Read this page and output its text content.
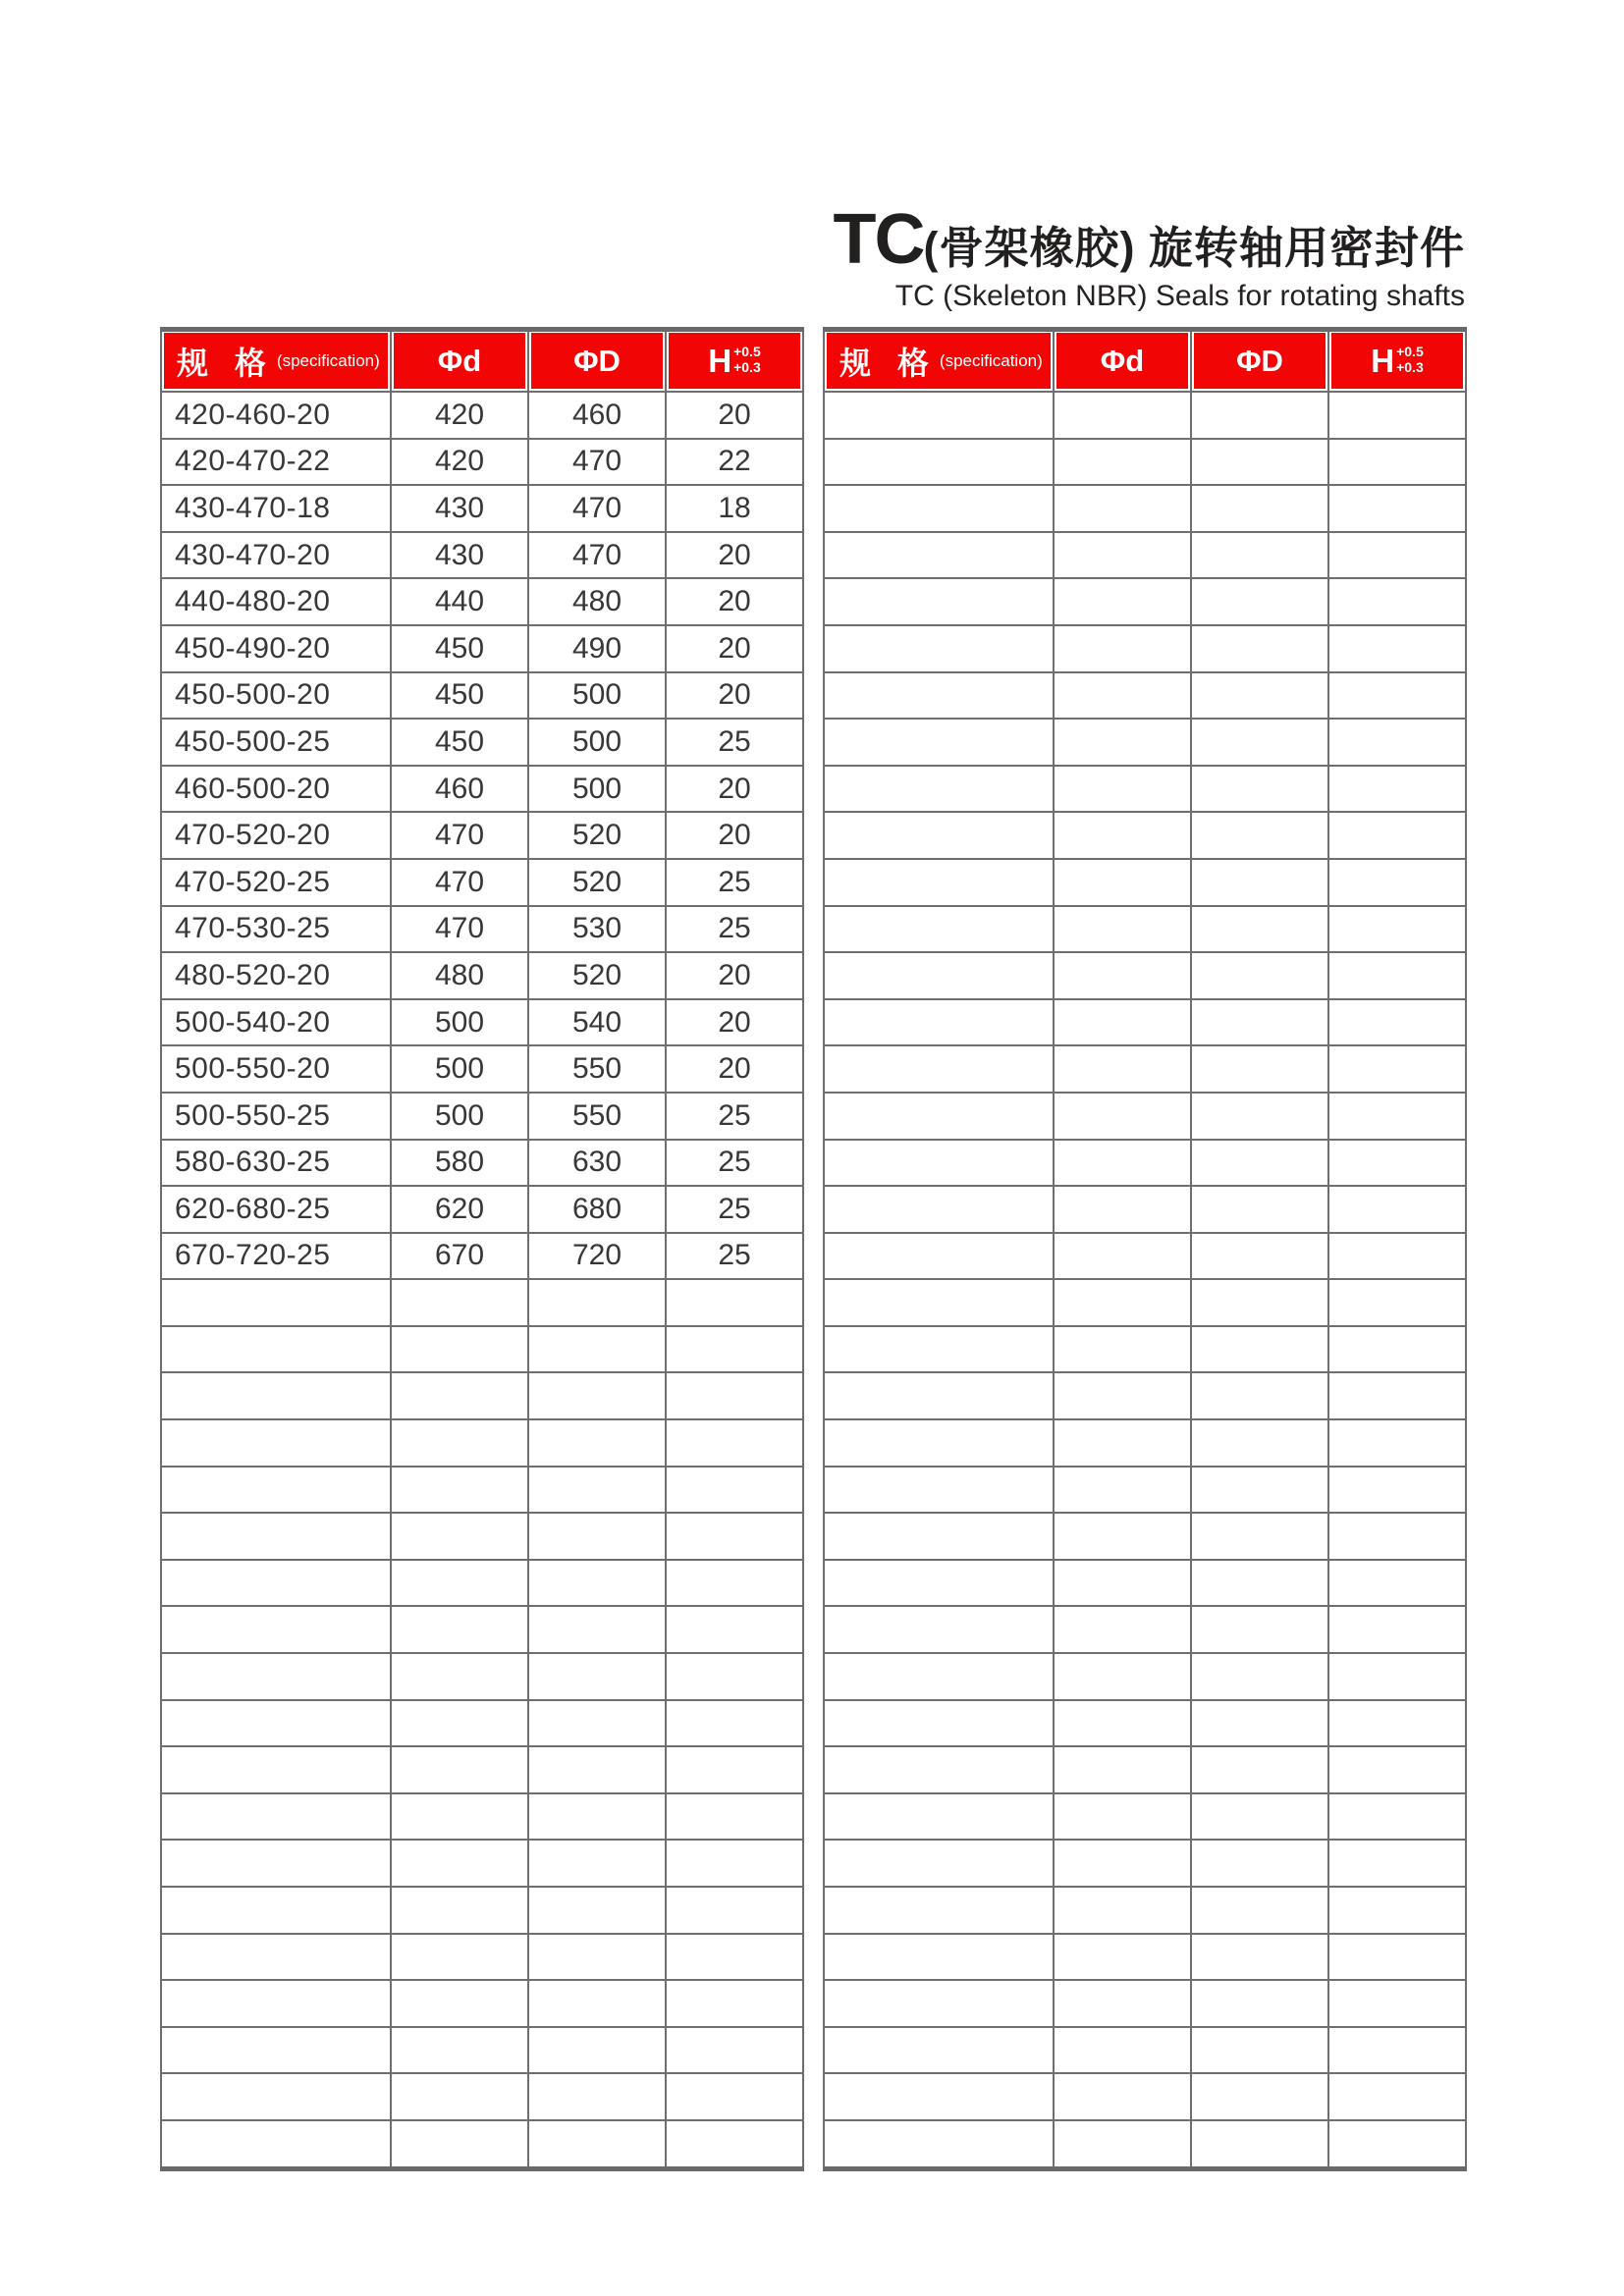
TC(骨架橡胶) 旋转轴用密封件
TC (Skeleton NBR) Seals for rotating shafts
规 格 (specification)	Φd	ΦD	H +0.5
+0.3

420-460-20	420	460	20
420-470-22	420	470	22
430-470-18	430	470	18
430-470-20	430	470	20
440-480-20	440	480	20
450-490-20	450	490	20
450-500-20	450	500	20
450-500-25	450	500	25
460-500-20	460	500	20
470-520-20	470	520	20
470-520-25	470	520	25
470-530-25	470	530	25
480-520-20	480	520	20
500-540-20	500	540	20
500-550-20	500	550	20
500-550-25	500	550	25
580-630-25	580	630	25
620-680-25	620	680	25
670-720-25	670	720	25

规 格 (specification)	Φd	ΦD	H +0.5
+0.3
